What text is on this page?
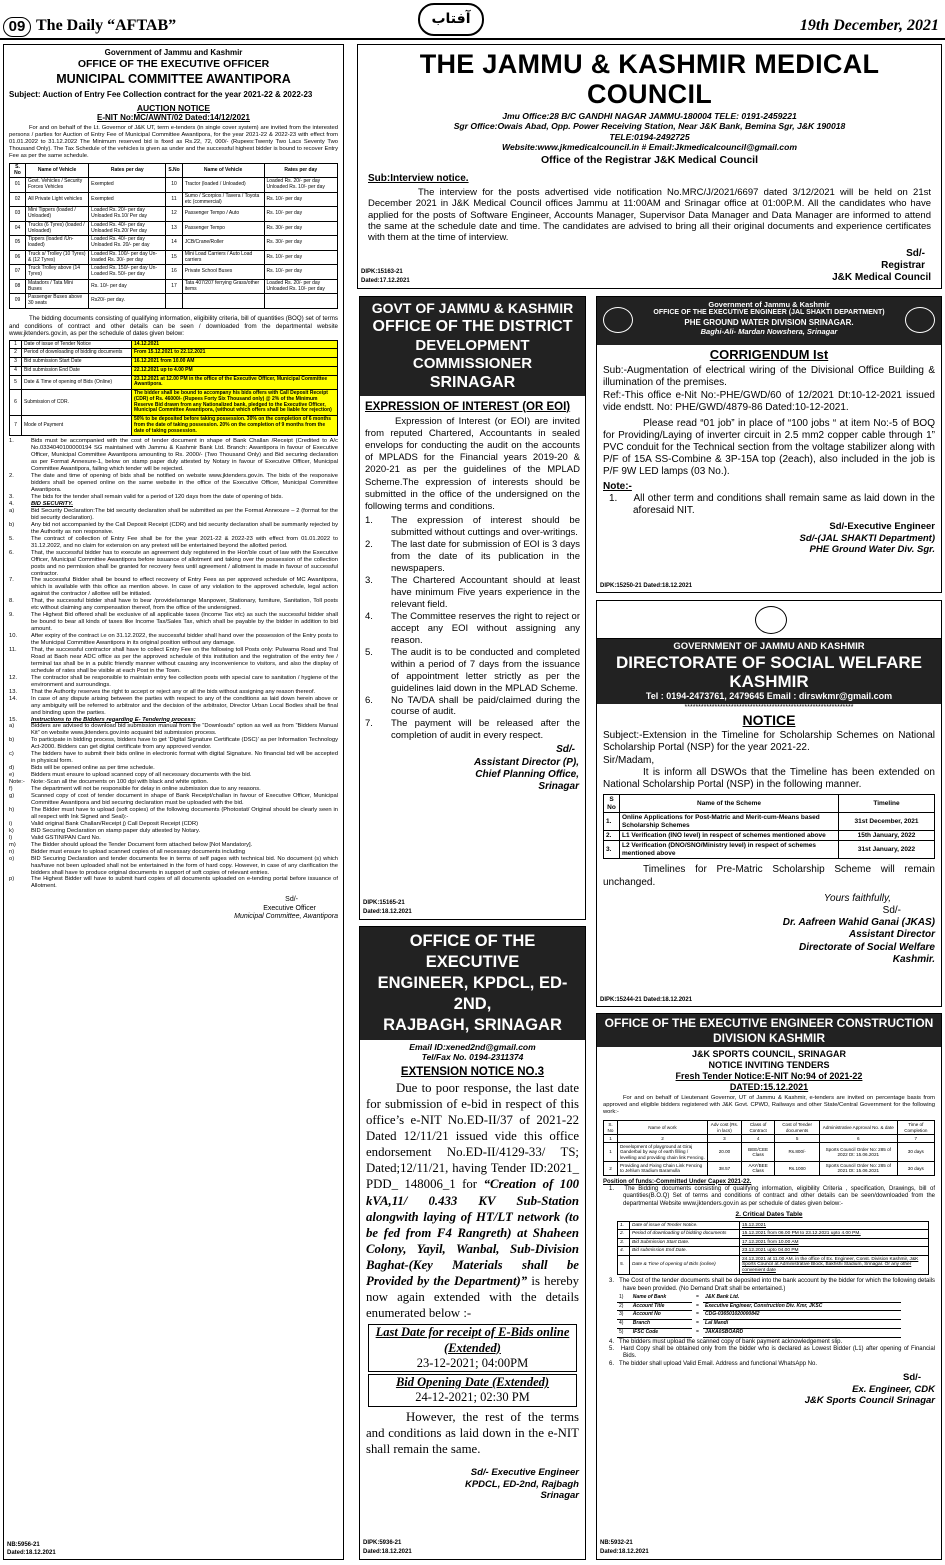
09 The Daily “AFTAB”	آفتاب	19th December, 2021
Government of Jammu and Kashmir
OFFICE OF THE EXECUTIVE OFFICER
MUNICIPAL COMMITTEE AWANTIPORA
Subject: Auction of Entry Fee Collection contract for the year 2021-22 & 2022-23
AUCTION NOTICE
E-NIT No:MC/AWNT/02 Dated:14/12/2021
For and on behalf of the Lt. Governor of J&K UT, term e-tenders (in single cover system) are invited from the interested persons / parties for Auction of Entry Fee of Municipal Committee Awantipora, for the year 2021-22 & 2022-23 with effect from 01.01.2022 to 31.12.2022 The Minimum reserved bid is fixed as Rs.22, 72, 000/- (Rupees:Twenty Two Lacs Seventy Two Thousand Only). The Tax Schedule of the vehicles is given as under and the successful highest bidder is bound to recover Entry Fee as per the same schedule.
S. No	Name of Vehicle	Rates per day	S.No	Name of Vehicle	Rates per day
01	Govt. Vehicles / Security Forces Vehicles	Exempted	10	Tractor (loaded / Unloaded)	Loaded Rs. 20/- per day Unloaded Rs. 10/- per day
02	All Private Light vehicles	Exempted	11	Sumo / Scorpios / Tavera / Toyota etc (commercial)	Rs. 10/- per day
03	Mini Tippers (loaded / Unloaded)	Loaded Rs. 20/- per day Unloaded Rs.10/ Per day	12	Passenger Tempo / Auto	Rs. 10/- per day
04	Trucks (6 Tyres) (loaded / Unloaded)	Loaded Rs. 40/- per day Unloaded Rs.20/ Per day	13	Passenger Tempo	Rs. 30/- per day
05	Tippers (loaded /Un-loaded)	Loaded Rs. 40/- per day Unloaded Rs. 20/- per day	14	JCB/Crane/Roller	Rs. 30/- per day
06	Truck s/ Trolley (10 Tyres) & (12 Tyres)	Loaded Rs. 100/- per day Un-loaded Rs. 30/- per day	15	Mini Load Carriers / Auto Load carriers	Rs. 10/- per day
07	Truck Trolley above (14 Tyres)	Loaded Rs. 150/- per day Un-Loaded Rs. 50/- per day	16	Private School Buses	Rs. 10/- per day
08	Matadors / Tata Mini Buses	Rs. 10/- per day	17	Tata 407/207 ferrying Grass/other items	Loaded Rs. 20/- per day Unloaded Rs. 10/- per day
09	Passenger Buses above 30 seats	Rs20/- per day.			
The bidding documents consisting of qualifying information, eligibility criteria, bill of quantities (BOQ) set of terms and conditions of contract and other details can be seen / downloaded from the departmental website www.jktenders.gov.in, as per the schedule of dates given below:
1	Date of issue of Tender Notice	14.12.2021
2	Period of downloading of bidding documents	From 15.12.2021 to 22.12.2021
3	Bid submission Start Date	16.12.2021 from 10.00 AM
4	Bid submission End Date	22.12.2021 up to 4.00 PM
5	Date & Time of opening of Bids (Online)	23.12.2021 at 12.00 PM in the office of the Executive Officer, Municipal Committee Awantipora.
6	Submission of CDR.	The bidder shall be bound to accompany his bids offers with Call Deposit Receipt (CDR) of Rs. 46000/- (Rupees Forty Six Thousand only) @ 2% of the Minimum Reserve Bid drawn from any Nationalized bank, pledged to the Executive Officer, Municipal Committee Awantipora, (without which offers shall be liable for rejection)
7	Mode of Payment	50% to be deposited before taking possession. 30% on the completion of 6 months from the date of taking possession. 20% on the completion of 9 months from the date of taking possession.
1.	Bids must be accompanied with the cost of tender document in shape of Bank Challan /Receipt (Credited to A/c No.0334040100000194 SG maintained with Jammu & Kashmir Bank Ltd. Branch: Awantipora in favour of Executive Officer, Municipal Committee Awantipora amounting to Rs. 2000/- (Two Thousand Only) and Bid securing declaration as per Format Annexure-1, below on stamp paper duly attested by Notary in favour of Executive Officer, Municipal Committee Awantipora, failing which tender will be rejected.
2.	The date and time of opening of bids shall be notified on website www.jktenders.gov.in. The bids of the responsive bidders shall be opened online on the same website in the office of the Executive Officer, Municipal Committee Awantipora.
3.	The bids for the tender shall remain valid for a period of 120 days from the date of opening of bids.
4.	BID SECURITY.
a)	Bid Security Declaration:The bid security declaration shall be submitted as per the Format Annexure – 2 (format for the bid security declaration).
b)	Any bid not accompanied by the Call Deposit Receipt (CDR) and bid security declaration shall be summarily rejected by the Authority as non responsive.
5.	The contract of collection of Entry Fee shall be for the year 2021-22 & 2022-23 with effect from 01.01.2022 to 31.12.2022, and no claim for extension on any pretext will be entertained beyond the allotted period.
6.	That, the successful bidder has to execute an agreement duly registered in the Hon'ble court of law with the Executive Officer, Municipal Committee Awantipora before issuance of allotment and taking over the possession of the collection posts and no permission shall be granted for recovery fees until agreement / allotment is made in favour of successful contractor.
7.	The successful Bidder shall be bound to effect recovery of Entry Fees as per approved schedule of MC Awantipora, which is available with this office as mention above. In case of any violation to the approved schedule, legal action against the contractor / allottee will be initiated.
8.	That, the successful bidder shall have to bear /provide/arrange Manpower, Stationary, furniture, Sanitation, Toll posts etc without claiming any compensation thereof, from the office of the undersigned.
9.	The Highest Bid offered shall be exclusive of all applicable taxes (Income Tax etc) as such the successful bidder shall be bound to bear all kinds of taxes like Income Tax/Sales Tax, which shall be payable by the bidder in addition to bid amount.
10.	After expiry of the contract i.e on 31.12.2022, the successful bidder shall hand over the possession of the Entry posts to the Municipal Committee Awantipora in its original position without any damage.
11.	That, the successful contractor shall have to collect Entry Fee on the following toll Posts only: Pulwama Road and Tral Road at Baoh near ADC office as per the approved schedule of this institution and the registration of the entry fee / terminal tax shall be in a public friendly manner without causing any inconvenience to visitors, and also the display of schedule of rates shall be visible at each Post in the Town.
12.	The contractor shall be responsible to maintain entry fee collection posts with special care to sanitation / hygiene of the environment and surroundings.
13.	That the Authority reserves the right to accept or reject any or all the bids without assigning any reason thereof.
14.	In case of any dispute arising between the parties with respect to any of the conditions as laid down herein above or any ambiguity will be referred to arbitrator and the decision of the arbitrator, Director Urban Local Bodies shall be final and binding upon the parties.
15.	Instructions to the Bidders regarding E- Tendering process:
a)	Bidders are advised to download bid submission manual from the “Downloads” option as well as from “Bidders Manual Kit” on website www.jktenders.gov.into acquaint bid submission process.
b)	To participate in bidding process, bidders have to get ‘Digital Signature Certificate (DSC)’ as per Information Technology Act-2000. Bidders can get digital certificate from any approved vendor.
c)	The bidders have to submit their bids online in electronic format with digital Signature. No financial bid will be accepted in physical form.
d)	Bids will be opened online as per time schedule.
e)	Bidders must ensure to upload scanned copy of all necessary documents with the bid.
Note:-	Note:-Scan all the documents on 100 dpi with black and white option.
f)	The department will not be responsible for delay in online submission due to any reasons.
g)	Scanned copy of cost of tender document in shape of Bank Receipt/challan in favour of Executive Officer, Municipal Committee Awantipora and bid securing declaration must be uploaded with the bid.
h)	The Bidder must have to upload (soft copies) of the following documents (Photostat/ Original should be clearly seen in all respect with Ink Signed and Seal):-
i)	Valid original Bank Challan/Receipt j) Call Deposit Receipt (CDR)
k)	BID Securing Declaration on stamp paper duly attested by Notary.
l)	Valid GSTIN/PAN Card No.
m)	The Bidder should upload the Tender Document form attached below [Not Mandatory].
n)	Bidder must ensure to upload scanned copies of all necessary documents including
o)	BID Securing Declaration and tender documents fee in terms of self pages with technical bid. No document (s) which has/have not been uploaded shall not be entertained in the form of hard copy. However, in case of any clarification the bidders shall have to produce original documents in support of soft copies of relevant entries.
p)	The Highest Bidder will have to submit hard copies of all documents uploaded on e-tending portal before issuance of Allotment.
Sd/-
Executive Officer
Municipal Committee, Awantipora
NB:5956-21
Dated:18.12.2021
THE JAMMU & KASHMIR MEDICAL COUNCIL
Jmu Office:28 B/C GANDHI NAGAR JAMMU-180004 TELE: 0191-2459221
Sgr Office:Owais Abad, Opp. Power Receiving Station, Near J&K Bank, Bemina Sgr, J&K 190018
TELE:0194-2492725
Website:www.jkmedicalcouncil.in # Email:Jkmedicalcouncil@gmail.com
Office of the Registrar J&K Medical Council
Sub:Interview notice.
The interview for the posts advertised vide notification No.MRC/J/2021/6697 dated 3/12/2021 will be held on 21st December 2021 in J&K Medical Council offices Jammu at 11:00AM and Srinagar office at 01:00P.M. All the candidates who have applied for the posts of Software Engineer, Accounts Manager, Supervisor Data Manager and Data Manager are informed to attend the same at the schedule date and time. The candidates are advised to bring all their original documents and experience certificates with them at the time of interview.
Sd/-
Registrar
J&K Medical Council
DIPK:15163-21
Dated:17.12.2021
GOVT OF JAMMU & KASHMIR
OFFICE OF THE DISTRICT
DEVELOPMENT COMMISSIONER
SRINAGAR
EXPRESSION OF INTEREST (OR EOI)
Expression of Interest (or EOI) are invited from reputed Chartered, Accountants in sealed envelops for conducting the audit on the accounts of MPLADS for the Financial years 2019-20 & 2020-21 as per the guidelines of the MPLAD Scheme.The expression of interests should be submitted in the office of the undersigned on the following terms and conditions.
1.	The expression of interest should be submitted without cuttings and over-writings.
2.	The last date for submission of EOI is 3 days from the date of its publication in the newspapers.
3.	The Chartered Accountant should at least have minimum Five years experience in the relevant field.
4.	The Committee reserves the right to reject or accept any EOI without assigning any reason.
5.	The audit is to be conducted and completed within a period of 7 days from the issuance of appointment letter strictly as per the guidelines laid down in the MPLAD Scheme.
6.	No TA/DA shall be paid/claimed during the course of audit.
7.	The payment will be released after the completion of audit in every respect.
Sd/-
Assistant Director (P),
Chief Planning Office,
Srinagar
DIPK:15165-21
Dated:18.12.2021
Government of Jammu & Kashmir
OFFICE OF THE EXECUTIVE ENGINEER (JAL SHAKTI DEPARTMENT)
PHE GROUND WATER DIVISION SRINAGAR.
Baghi-Ali- Mardan Nowshera, Srinagar
CORRIGENDUM Ist
Sub:-Augmentation of electrical wiring of the Divisional Office Building & illumination of the premises.
Ref:-This office e-Nit No:-PHE/GWD/60 of 12/2021 Dt:10-12-2021 issued vide endstt. No: PHE/GWD/4879-86 Dated:10-12-2021.
Please read “01 job” in place of “100 jobs “ at item No:-5 of BOQ for Providing/Laying of inverter circuit in 2.5 mm2 copper cable through 1” PVC conduit for the Technical section from the voltage stabilizer along with P/F of 15A SS-Combine & 3P-15A top (2each), also included in the job is P/F 9W LED lamps (03 No.).
Note:-
1.     All other term and conditions shall remain same as laid down in the aforesaid NIT.
Sd/-Executive Engineer
Sd/-(JAL SHAKTI Department)
PHE Ground Water Div. Sgr.
DIPK:15250-21 Dated:18.12.2021
GOVERNMENT OF JAMMU AND KASHMIR
DIRECTORATE OF SOCIAL WELFARE KASHMIR
Tel : 0194-2473761, 2479645 Email : dirswkmr@gmail.com
**************************************************************
NOTICE
Subject:-Extension in the Timeline for Scholarship Schemes on National Scholarship Portal (NSP) for the year 2021-22.
Sir/Madam,
It is inform all DSWOs that the Timeline has been extended on National Scholarship Portal (NSP) in the following manner.
S No	Name of the Scheme	Timeline
1.	Online Applications for Post-Matric and Merit-cum-Means based Scholarship Schemes	31st December, 2021
2.	L1 Verification (INO level) in respect of schemes mentioned above	15th January, 2022
3.	L2 Verification (DNO/SNO/Ministry level) in respect of schemes mentioned above	31st January, 2022
Timelines for Pre-Matric Scholarship Scheme will remain unchanged.
Yours faithfully,
Sd/-
Dr. Aafreen Wahid Ganai (JKAS)
Assistant Director
Directorate of Social Welfare
Kashmir.
DIPK:15244-21 Dated:18.12.2021
OFFICE OF THE EXECUTIVE
ENGINEER, KPDCL, ED-2ND,
RAJBAGH, SRINAGAR
Email ID:xened2nd@gmail.com
Tel/Fax No. 0194-2311374
EXTENSION NOTICE NO.3
Due to poor response, the last date for submission of e-bid in respect of this office’s e-NIT No.ED-II/37 of 2021-22 Dated 12/11/21 issued vide this office endorsement No.ED-II/4129-33/ TS; Dated;12/11/21, having Tender ID:2021_ PDD_ 148006_1 for “Creation of 100 kVA,11/ 0.433 KV Sub-Station alongwith laying of HT/LT network (to be fed from F4 Rangreth) at Shaheen Colony, Yayil, Wanbal, Sub-Division Baghat-(Key Materials shall be Provided by the Department)” is hereby now again extended with the details enumerated below :-
Last Date for receipt of E-Bids online (Extended)
23-12-2021; 04:00PM
Bid Opening Date (Extended)
24-12-2021; 02:30 PM
However, the rest of the terms and conditions as laid down in the e-NIT shall remain the same.
Sd/- Executive Engineer
KPDCL, ED-2nd, Rajbagh
Srinagar
DIPK:5936-21
Dated:18.12.2021
OFFICE OF THE EXECUTIVE ENGINEER CONSTRUCTION
DIVISION KASHMIR
J&K SPORTS COUNCIL, SRINAGAR
NOTICE INVITING TENDERS
Fresh Tender Notice:E-NIT No:94 of 2021-22
DATED:15.12.2021
For and on behalf of Lieutenant Governor, UT of Jammu & Kashmir, e-tenders are invited on percentage basis from approved and eligible bidders registered with J&K Govt. CPWD, Railways and other State/Central Government for the following work:-
S. No	Name of work	Adv cost (Rs. in lacs)	Class of Contract	Cost of Tender documents	Administrative Approval No. & date	Time of Completion
1	2	3	4	5	6	7
1	Development of playground at Giraj Ganderbal by way of earth filling / levelling and providing chain link Fencing.	20.00	BEE/CEE Class	Rs.800/-	Sports Council Order No: 285 of 2022 Dt: 15.06.2021	30 days
2	Providing and Fixing Chain Link Fencing to Jehlum Stadium Baramulla	38.57	AAY/BEE Class	Rs.1000	Sports Council Order No: 285 of 2021 Dt: 15.06.2021	30 days
Position of funds:-Committed Under Capex 2021-22.
1. The Bidding documents consisting of qualifying information, eligibility Criteria , specification, Drawings, bill of quantities(B.O.Q) Set of terms and conditions of contract and other details can be seen/downloaded from the departmental Website www.jktenders.gov.in as per schedule of dates given below:-
2. Critical Dates Table
1.	Date of issue of Tender Notice.	15.12.2021
2.	Period of downloading of bidding documents	15.12.2021 from 06.00 PM to 23.12.2021 upto 4.00 PM.
3.	Bid Submission Start Date.	17.12.2021 from 10.00 AM
4.	Bid submission End Date.	23.12.2021 upto 04.00 PM
5.	Date & Time of opening of Bids (online)	24.12.2021 at 11.00 AM. in the office of Ex. Engineer, Const. Division Kashmir, J&K Sports Council at Administrative Block, Bakhshi Stadium, Srinagar. Or any other convenient date
3. The Cost of the tender documents shall be deposited into the bank account by the bidder for which the following details have been provided. (No Demand Draft shall be entertained.)
1)	Name of Bank	=	J&K Bank Ltd.
2)	Account Title	=	Executive Engineer, Construction Div. Kmr, JKSC
3)	Account No	=	CDG-036501020000842
4)	Branch	=	Lal Mandi
5)	IFSC Code	=	JAKA0SBOARD
4. The bidders must upload the scanned copy of bank payment acknowledgement slip.
5. Hard Copy shall be obtained only from the bidder who is declared as Lowest Bidder (L1) after opening of Financial Bids.
6. The bidder shall upload Valid Email. Address and functional WhatsApp No.
Sd/-
Ex. Engineer, CDK
J&K Sports Council Srinagar
NB:5932-21
Dated:18.12.2021
